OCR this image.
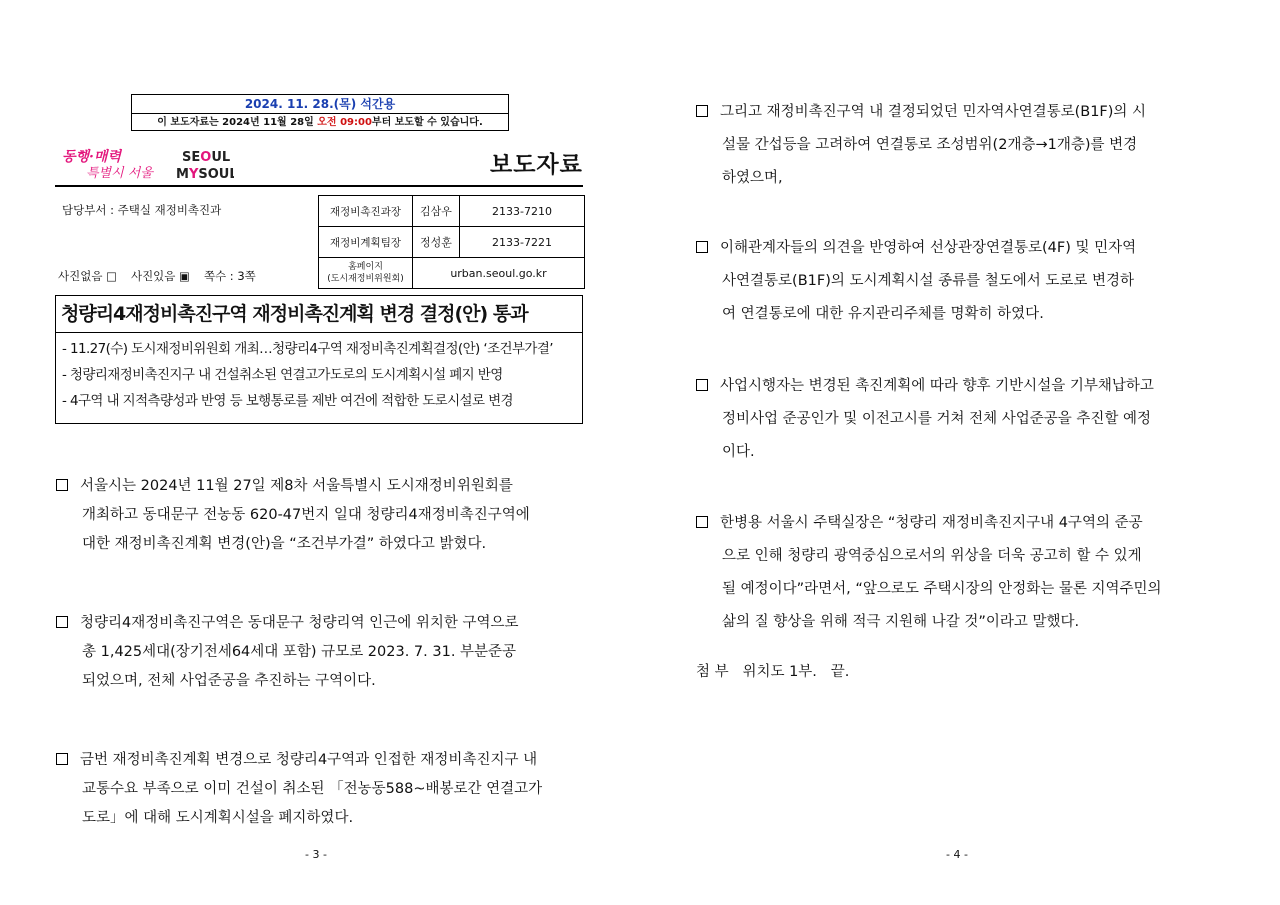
2024. 11. 28.(목) 석간용
이 보도자료는 2024년 11월 28일 오전 09:00부터 보도할 수 있습니다.
동행·매력
특별시 서울
SEOUL
MYSOUL	보도자료
담당부서 : 주택실 재정비촉진과
사진없음 □ 사진있음 ▣ 쪽수 : 3쪽
재정비촉진과장	김삼우	2133-7210
재정비계획팀장	정성훈	2133-7221

홈페이지
(도시재정비위원회)	urban.seoul.go.kr	
청량리4재정비촉진구역 재정비촉진계획 변경 결정(안) 통과
- 11.27(수) 도시재정비위원회 개최…청량리4구역 재정비촉진계획결정(안) ‘조건부가결’
- 청량리재정비촉진지구 내 건설취소된 연결고가도로의 도시계획시설 폐지 반영
- 4구역 내 지적측량성과 반영 등 보행통로를 제반 여건에 적합한 도로시설로 변경
서울시는 2024년 11월 27일 제8차 서울특별시 도시재정비위원회를
개최하고 동대문구 전농동 620-47번지 일대 청량리4재정비촉진구역에
대한 재정비촉진계획 변경(안)을 “조건부가결” 하였다고 밝혔다.
청량리4재정비촉진구역은 동대문구 청량리역 인근에 위치한 구역으로
총 1,425세대(장기전세64세대 포함) 규모로 2023. 7. 31. 부분준공
되었으며, 전체 사업준공을 추진하는 구역이다.
금번 재정비촉진계획 변경으로 청량리4구역과 인접한 재정비촉진지구 내
교통수요 부족으로 이미 건설이 취소된 「전농동588~배봉로간 연결고가
도로」에 대해 도시계획시설을 폐지하였다.
그리고 재정비촉진구역 내 결정되었던 민자역사연결통로(B1F)의 시
설물 간섭등을 고려하여 연결통로 조성범위(2개층→1개층)를 변경
하였으며,
이해관계자들의 의견을 반영하여 선상관장연결통로(4F) 및 민자역
사연결통로(B1F)의 도시계획시설 종류를 철도에서 도로로 변경하
여 연결통로에 대한 유지관리주체를 명확히 하였다.
사업시행자는 변경된 촉진계획에 따라 향후 기반시설을 기부채납하고
정비사업 준공인가 및 이전고시를 거쳐 전체 사업준공을 추진할 예정
이다.
한병용 서울시 주택실장은 “청량리 재정비촉진지구내 4구역의 준공
으로 인해 청량리 광역중심으로서의 위상을 더욱 공고히 할 수 있게
될 예정이다”라면서, “앞으로도 주택시장의 안정화는 물론 지역주민의
삶의 질 향상을 위해 적극 지원해 나갈 것”이라고 말했다.
첨 부   위치도 1부.   끝.
- 3 -	- 4 -
